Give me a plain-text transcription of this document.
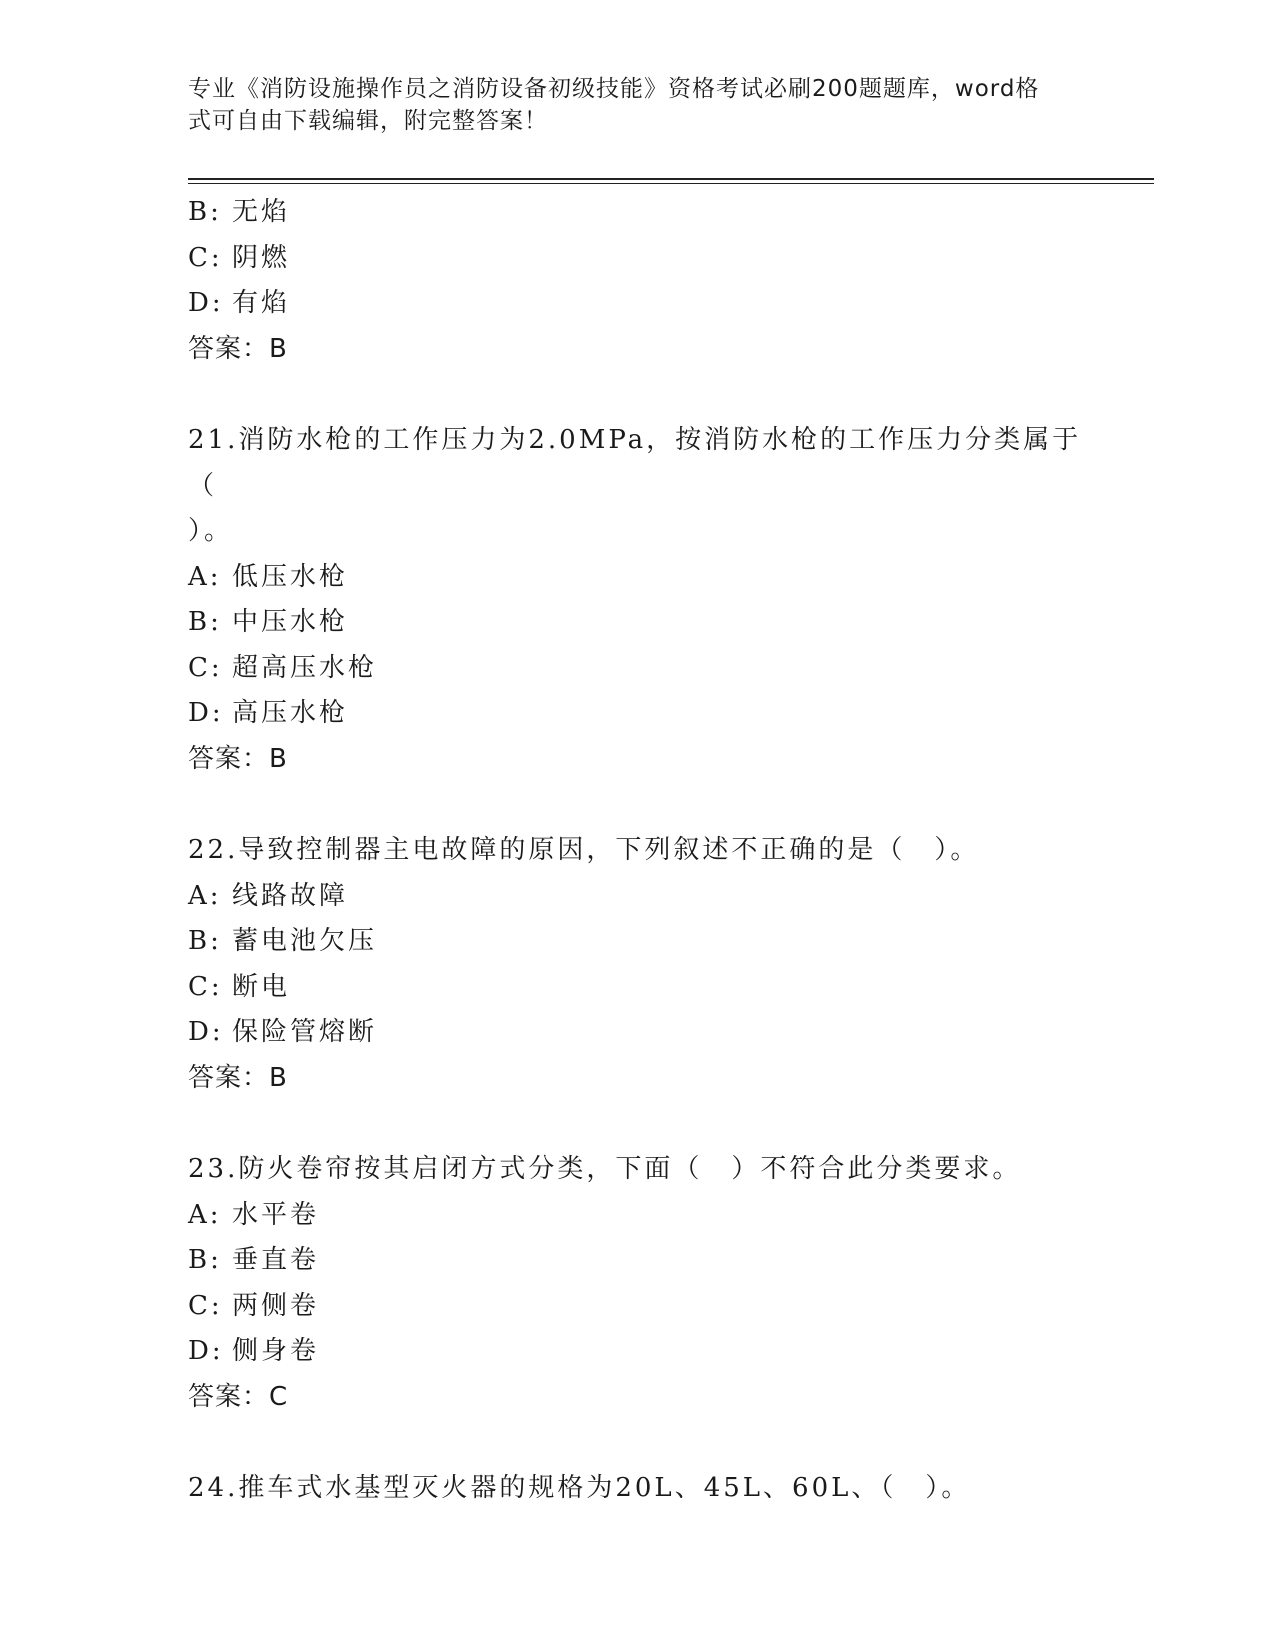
专业《消防设施操作员之消防设备初级技能》资格考试必刷200题题库，word格
式可自由下载编辑，附完整答案！
B: 无焰
C: 阴燃
D: 有焰
答案：B
21.消防水枪的工作压力为2.0MPa，按消防水枪的工作压力分类属于（
）。
A: 低压水枪
B: 中压水枪
C: 超高压水枪
D: 高压水枪
答案：B
22.导致控制器主电故障的原因，下列叙述不正确的是（　）。
A: 线路故障
B: 蓄电池欠压
C: 断电
D: 保险管熔断
答案：B
23.防火卷帘按其启闭方式分类，下面（　）不符合此分类要求。
A: 水平卷
B: 垂直卷
C: 两侧卷
D: 侧身卷
答案：C
24.推车式水基型灭火器的规格为20L、45L、60L、（　）。
